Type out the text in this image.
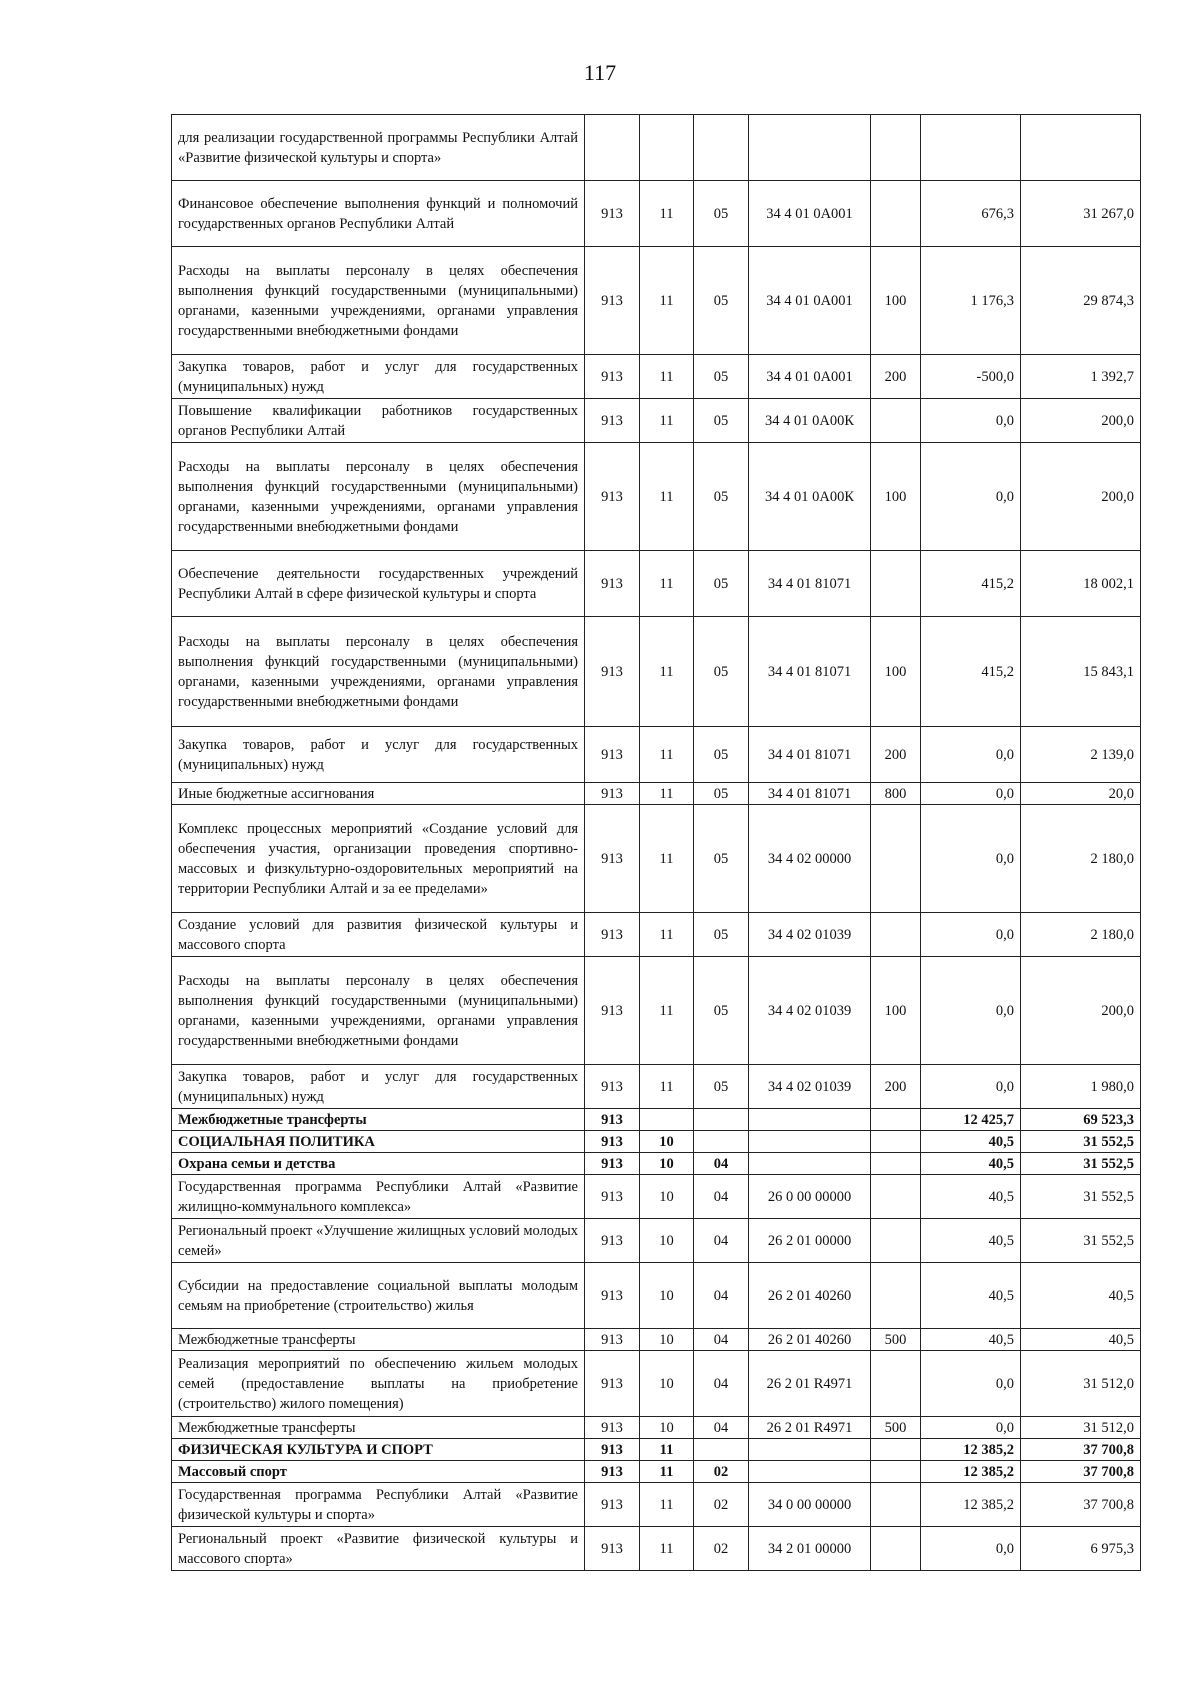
117
для реализации государственной программы Республики Алтай «Развитие физической культуры и спорта»							
Финансовое обеспечение выполнения функций и полномочий государственных органов Республики Алтай	913	11	05	34 4 01 0А001		676,3	31 267,0
Расходы на выплаты персоналу в целях обеспечения выполнения функций государственными (муниципальными) органами, казенными учреждениями, органами управления государственными внебюджетными фондами	913	11	05	34 4 01 0А001	100	1 176,3	29 874,3
Закупка товаров, работ и услуг для государственных (муниципальных) нужд	913	11	05	34 4 01 0А001	200	-500,0	1 392,7
Повышение квалификации работников государственных органов Республики Алтай	913	11	05	34 4 01 0А00К		0,0	200,0
Расходы на выплаты персоналу в целях обеспечения выполнения функций государственными (муниципальными) органами, казенными учреждениями, органами управления государственными внебюджетными фондами	913	11	05	34 4 01 0А00К	100	0,0	200,0
Обеспечение деятельности государственных учреждений Республики Алтай в сфере физической культуры и спорта	913	11	05	34 4 01 81071		415,2	18 002,1
Расходы на выплаты персоналу в целях обеспечения выполнения функций государственными (муниципальными) органами, казенными учреждениями, органами управления государственными внебюджетными фондами	913	11	05	34 4 01 81071	100	415,2	15 843,1
Закупка товаров, работ и услуг для государственных (муниципальных) нужд	913	11	05	34 4 01 81071	200	0,0	2 139,0
Иные бюджетные ассигнования	913	11	05	34 4 01 81071	800	0,0	20,0
Комплекс процессных мероприятий «Создание условий для обеспечения участия, организации проведения спортивно-массовых и физкультурно-оздоровительных мероприятий на территории Республики Алтай и за ее пределами»	913	11	05	34 4 02 00000		0,0	2 180,0
Создание условий для развития физической культуры и массового спорта	913	11	05	34 4 02 01039		0,0	2 180,0
Расходы на выплаты персоналу в целях обеспечения выполнения функций государственными (муниципальными) органами, казенными учреждениями, органами управления государственными внебюджетными фондами	913	11	05	34 4 02 01039	100	0,0	200,0
Закупка товаров, работ и услуг для государственных (муниципальных) нужд	913	11	05	34 4 02 01039	200	0,0	1 980,0
Межбюджетные трансферты	913					12 425,7	69 523,3
СОЦИАЛЬНАЯ ПОЛИТИКА	913	10				40,5	31 552,5
Охрана семьи и детства	913	10	04			40,5	31 552,5
Государственная программа Республики Алтай «Развитие жилищно-коммунального комплекса»	913	10	04	26 0 00 00000		40,5	31 552,5
Региональный проект «Улучшение жилищных условий молодых семей»	913	10	04	26 2 01 00000		40,5	31 552,5
Субсидии на предоставление социальной выплаты молодым семьям на приобретение (строительство) жилья	913	10	04	26 2 01 40260		40,5	40,5
Межбюджетные трансферты	913	10	04	26 2 01 40260	500	40,5	40,5
Реализация мероприятий по обеспечению жильем молодых семей (предоставление выплаты на приобретение (строительство) жилого помещения)	913	10	04	26 2 01 R4971		0,0	31 512,0
Межбюджетные трансферты	913	10	04	26 2 01 R4971	500	0,0	31 512,0
ФИЗИЧЕСКАЯ КУЛЬТУРА И СПОРТ	913	11				12 385,2	37 700,8
Массовый спорт	913	11	02			12 385,2	37 700,8
Государственная программа Республики Алтай «Развитие физической культуры и спорта»	913	11	02	34 0 00 00000		12 385,2	37 700,8
Региональный проект «Развитие физической культуры и массового спорта»	913	11	02	34 2 01 00000		0,0	6 975,3
